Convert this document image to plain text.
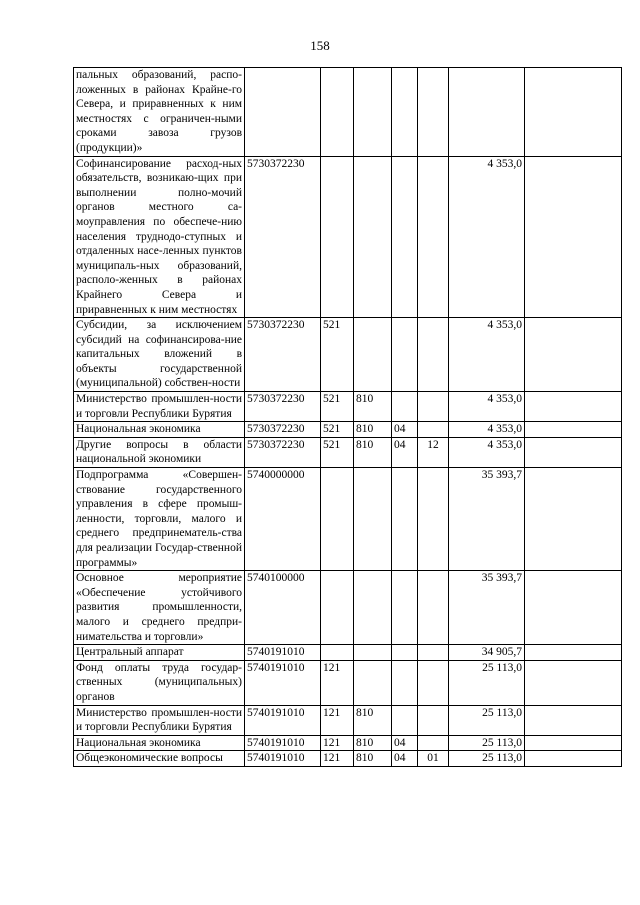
158
пальных образований, распо-ложенных в районах Крайне-го Севера, и приравненных к ним местностях с ограничен-ными сроками завоза грузов (продукции)»							
Софинансирование расход-ных обязательств, возникаю-щих при выполнении полно-мочий органов местного са-моуправления по обеспече-нию населения труднодо-ступных и отдаленных насе-ленных пунктов муниципаль-ных образований, располо-женных в районах Крайнего Севера и приравненных к ним местностях	5730372230					4 353,0	
Субсидии, за исключением субсидий на софинансирова-ние капитальных вложений в объекты государственной (муниципальной) собствен-ности	5730372230	521				4 353,0	
Министерство промышлен-ности и торговли Республики Бурятия	5730372230	521	810			4 353,0	
Национальная экономика	5730372230	521	810	04		4 353,0	
Другие вопросы в области национальной экономики	5730372230	521	810	04	12	4 353,0	
Подпрограмма «Совершен-ствование государственного управления в сфере промыш-ленности, торговли, малого и среднего предпринематель-ства для реализации Государ-ственной программы»	5740000000					35 393,7	
Основное мероприятие «Обеспечение устойчивого развития промышленности, малого и среднего предпри-нимательства и торговли»	5740100000					35 393,7	
Центральный аппарат	5740191010					34 905,7	
Фонд оплаты труда государ-ственных (муниципальных) органов	5740191010	121				25 113,0	
Министерство промышлен-ности и торговли Республики Бурятия	5740191010	121	810			25 113,0	
Национальная экономика	5740191010	121	810	04		25 113,0	
Общеэкономические вопросы	5740191010	121	810	04	01	25 113,0	
